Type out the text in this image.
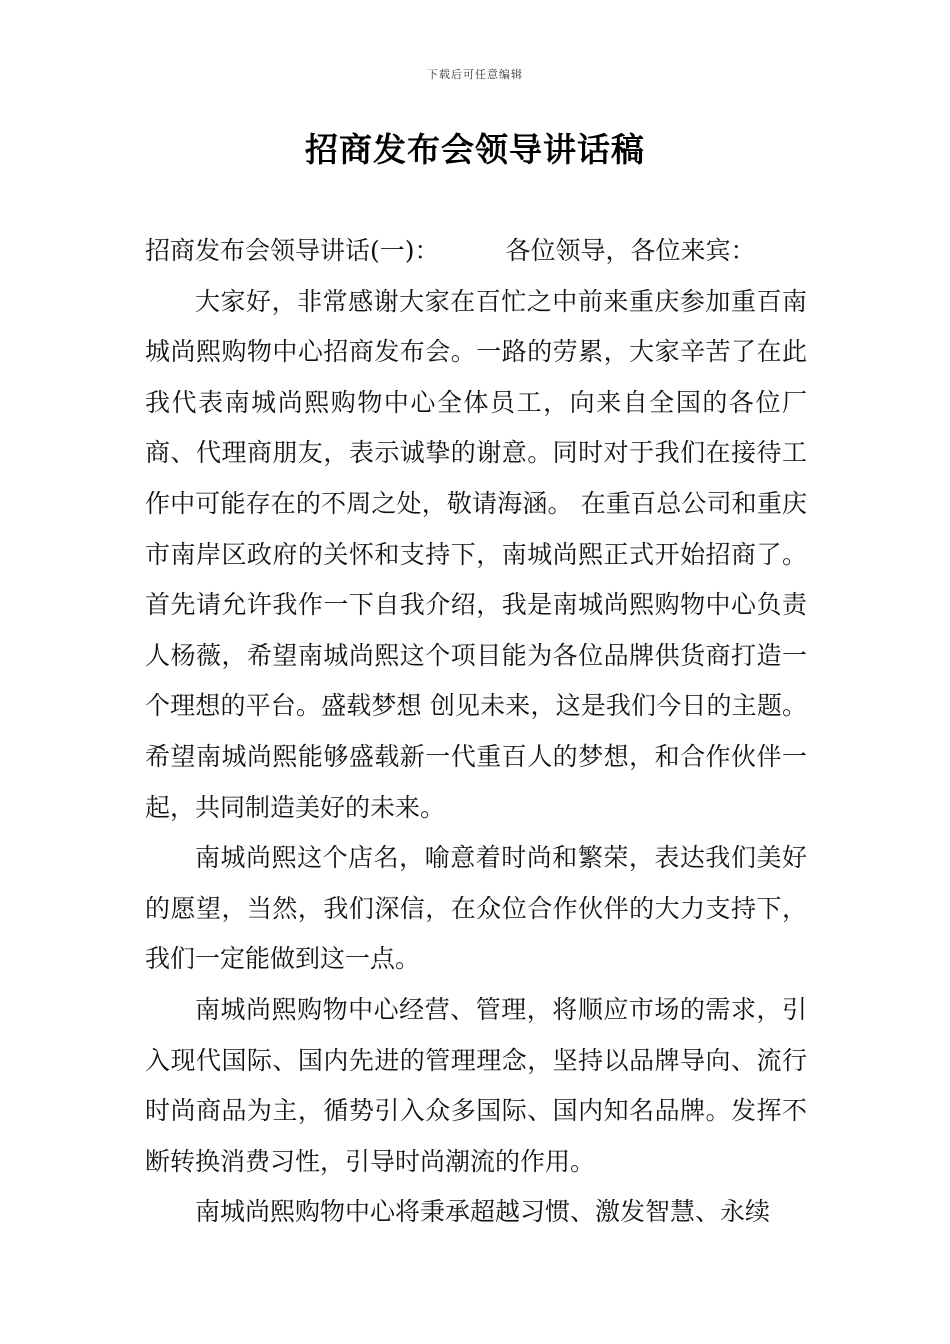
下载后可任意编辑
招商发布会领导讲话稿

招商发布会领导讲话(一)：	各位领导，各位来宾：

大家好，非常感谢大家在百忙之中前来重庆参加重百南城尚熙购物中心招商发布会。一路的劳累，大家辛苦了在此我代表南城尚熙购物中心全体员工，向来自全国的各位厂商、代理商朋友，表示诚挚的谢意。同时对于我们在接待工作中可能存在的不周之处，敬请海涵。 在重百总公司和重庆市南岸区政府的关怀和支持下，南城尚熙正式开始招商了。首先请允许我作一下自我介绍，我是南城尚熙购物中心负责人杨薇，希望南城尚熙这个项目能为各位品牌供货商打造一个理想的平台。盛载梦想 创见未来，这是我们今日的主题。希望南城尚熙能够盛载新一代重百人的梦想，和合作伙伴一起，共同制造美好的未来。

南城尚熙这个店名，喻意着时尚和繁荣，表达我们美好的愿望，当然，我们深信，在众位合作伙伴的大力支持下，我们一定能做到这一点。

南城尚熙购物中心经营、管理，将顺应市场的需求，引入现代国际、国内先进的管理理念，坚持以品牌导向、流行时尚商品为主，循势引入众多国际、国内知名品牌。发挥不断转换消费习性，引导时尚潮流的作用。

南城尚熙购物中心将秉承超越习惯、激发智慧、永续
